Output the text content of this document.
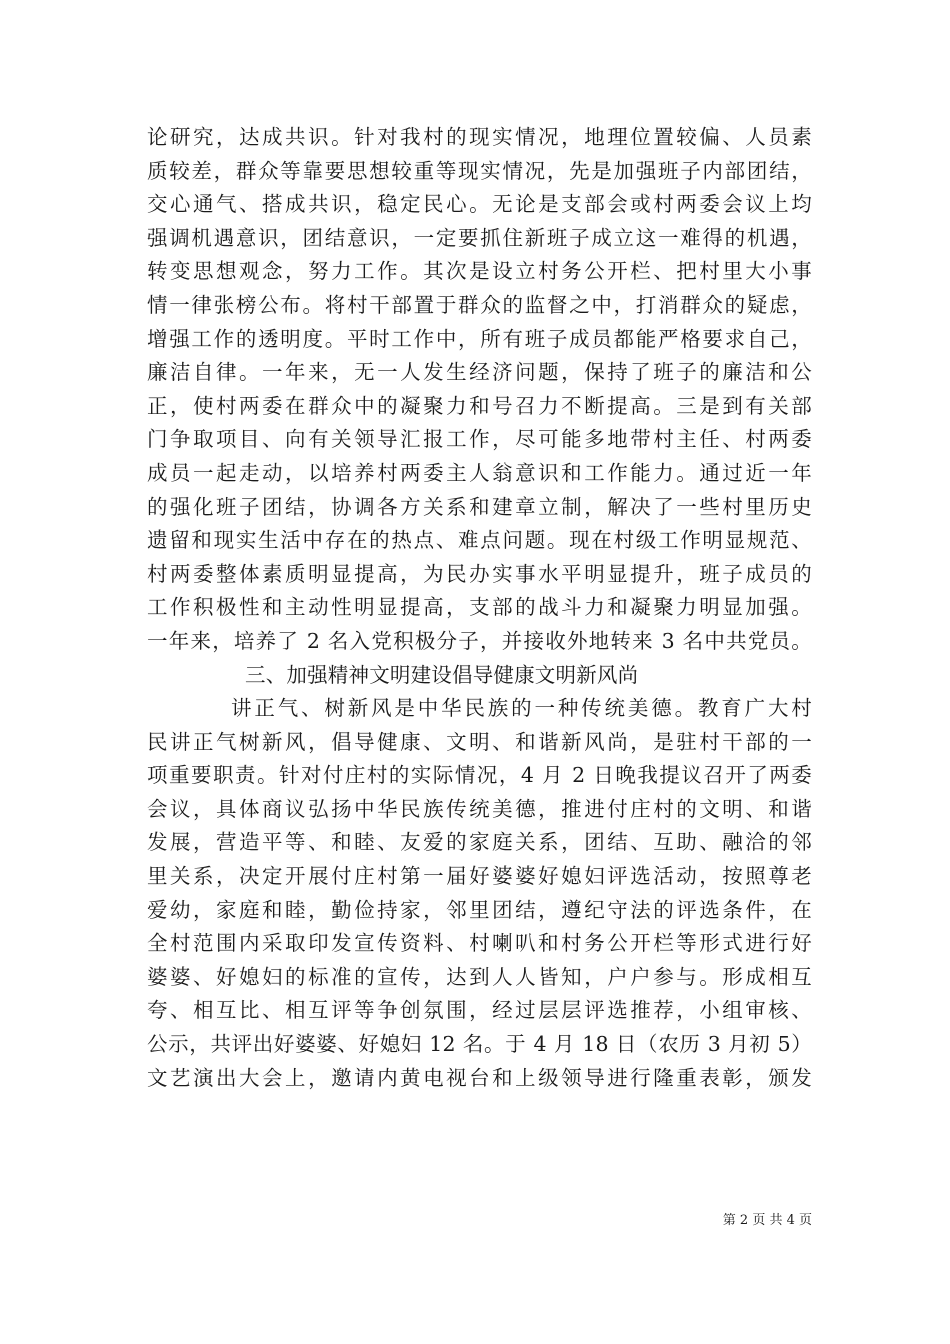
论研究，达成共识。针对我村的现实情况，地理位置较偏、人员素
质较差，群众等靠要思想较重等现实情况，先是加强班子内部团结，
交心通气、搭成共识，稳定民心。无论是支部会或村两委会议上均
强调机遇意识，团结意识，一定要抓住新班子成立这一难得的机遇，
转变思想观念，努力工作。其次是设立村务公开栏、把村里大小事
情一律张榜公布。将村干部置于群众的监督之中，打消群众的疑虑，
增强工作的透明度。平时工作中，所有班子成员都能严格要求自己，
廉洁自律。一年来，无一人发生经济问题，保持了班子的廉洁和公
正，使村两委在群众中的凝聚力和号召力不断提高。三是到有关部
门争取项目、向有关领导汇报工作，尽可能多地带村主任、村两委
成员一起走动，以培养村两委主人翁意识和工作能力。通过近一年
的强化班子团结，协调各方关系和建章立制，解决了一些村里历史
遗留和现实生活中存在的热点、难点问题。现在村级工作明显规范、
村两委整体素质明显提高，为民办实事水平明显提升，班子成员的
工作积极性和主动性明显提高，支部的战斗力和凝聚力明显加强。
一年来，培养了 2 名入党积极分子，并接收外地转来 3 名中共党员。
三、加强精神文明建设倡导健康文明新风尚
讲正气、树新风是中华民族的一种传统美德。教育广大村
民讲正气树新风，倡导健康、文明、和谐新风尚，是驻村干部的一
项重要职责。针对付庄村的实际情况，4 月 2 日晚我提议召开了两委
会议，具体商议弘扬中华民族传统美德，推进付庄村的文明、和谐
发展，营造平等、和睦、友爱的家庭关系，团结、互助、融洽的邻
里关系，决定开展付庄村第一届好婆婆好媳妇评选活动，按照尊老
爱幼，家庭和睦，勤俭持家，邻里团结，遵纪守法的评选条件，在
全村范围内采取印发宣传资料、村喇叭和村务公开栏等形式进行好
婆婆、好媳妇的标准的宣传，达到人人皆知，户户参与。形成相互
夸、相互比、相互评等争创氛围，经过层层评选推荐，小组审核、
公示，共评出好婆婆、好媳妇 12 名。于 4 月 18 日（农历 3 月初 5）
文艺演出大会上，邀请内黄电视台和上级领导进行隆重表彰，颁发
第 2 页 共 4 页
